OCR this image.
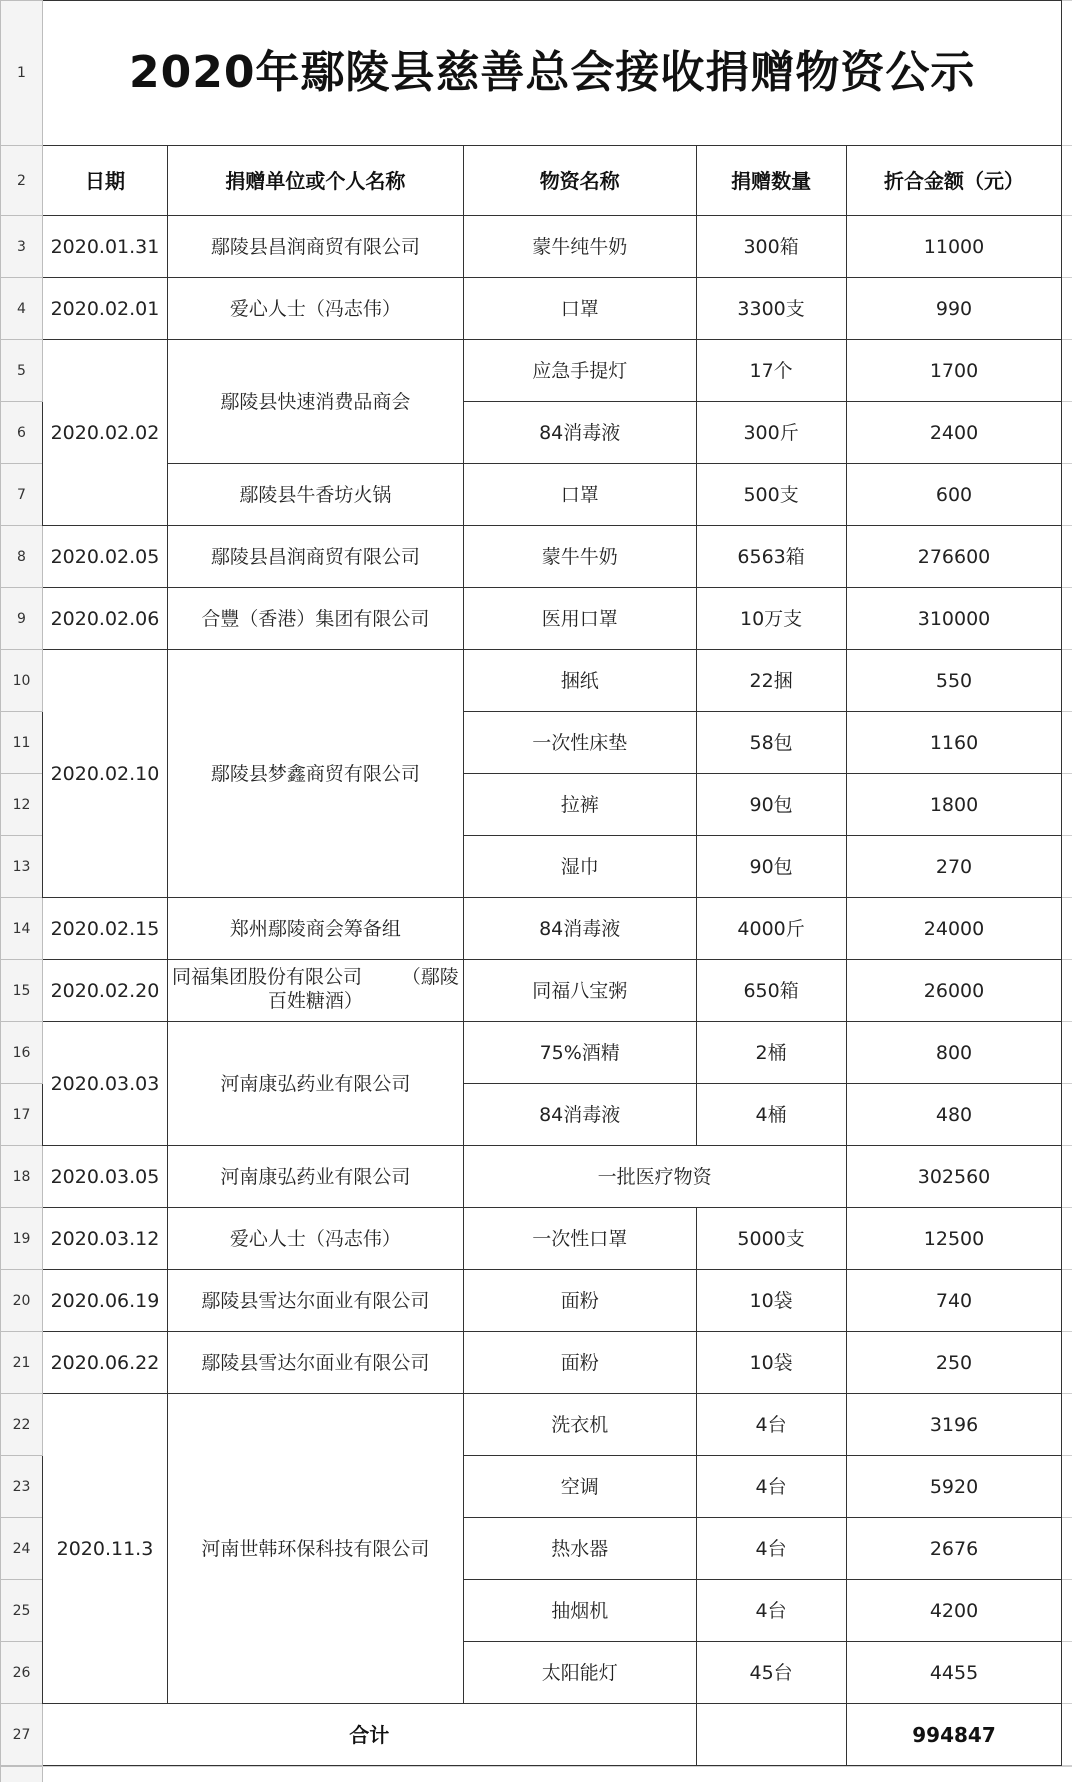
1	2020年鄢陵县慈善总会接收捐赠物资公示					
2	日期	捐赠单位或个人名称	物资名称	捐赠数量	折合金额（元）	
3	2020.01.31	鄢陵县昌润商贸有限公司	蒙牛纯牛奶	300箱	11000	
4	2020.02.01	爱心人士（冯志伟）	口罩	3300支	990	
5	2020.02.02	鄢陵县快速消费品商会	应急手提灯	17个	1700	
6			84消毒液	300斤	2400	
7		鄢陵县牛香坊火锅	口罩	500支	600	
8	2020.02.05	鄢陵县昌润商贸有限公司	蒙牛牛奶	6563箱	276600	
9	2020.02.06	合豐（香港）集团有限公司	医用口罩	10万支	310000	
10	2020.02.10	鄢陵县梦鑫商贸有限公司	捆纸	22捆	550	
11			一次性床垫	58包	1160	
12			拉裤	90包	1800	
13			湿巾	90包	270	
14	2020.02.15	郑州鄢陵商会筹备组	84消毒液	4000斤	24000	
15	2020.02.20	同福集团股份有限公司 （鄢陵
百姓糖酒）	同福八宝粥	650箱	26000	
16	2020.03.03	河南康弘药业有限公司	75%酒精	2桶	800	
17			84消毒液	4桶	480	
18	2020.03.05	河南康弘药业有限公司	一批医疗物资		302560	
19	2020.03.12	爱心人士（冯志伟）	一次性口罩	5000支	12500	
20	2020.06.19	鄢陵县雪达尔面业有限公司	面粉	10袋	740	
21	2020.06.22	鄢陵县雪达尔面业有限公司	面粉	10袋	250	
22	2020.11.3	河南世韩环保科技有限公司	洗衣机	4台	3196	
23			空调	4台	5920	
24			热水器	4台	2676	
25			抽烟机	4台	4200	
26			太阳能灯	45台	4455	
27	合计				994847	
